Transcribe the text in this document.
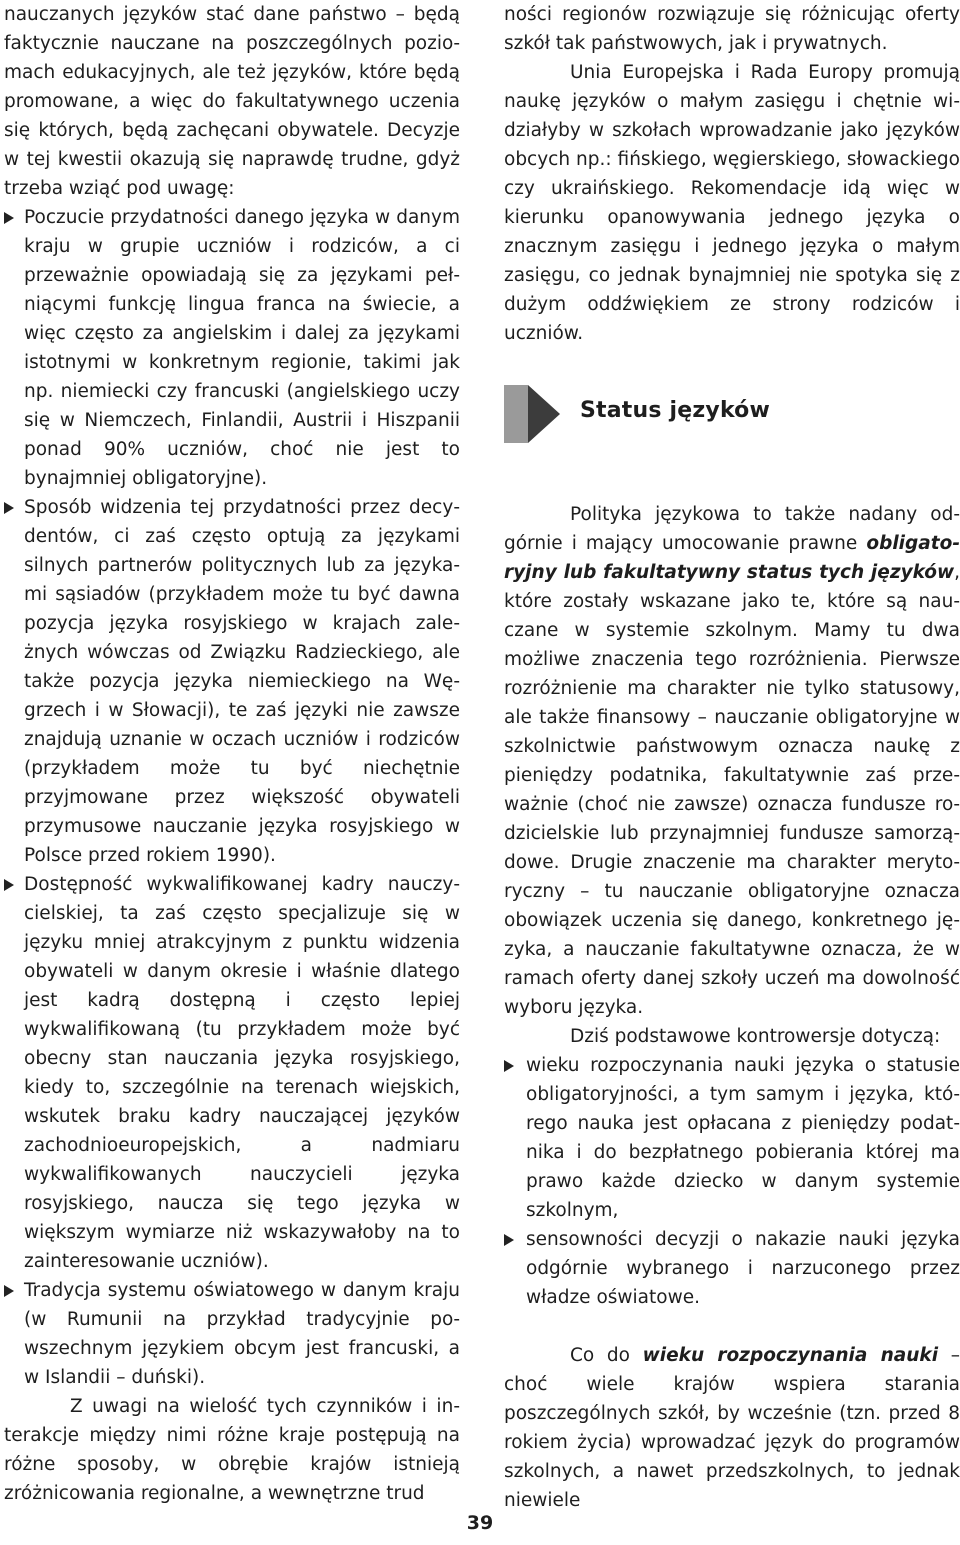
nauczanych języków stać dane państwo – będą faktycznie nauczane na poszczególnych poziomach edukacyjnych, ale też języków, które będą promowane, a więc do fakultatywnego uczenia się których, będą zachęcani obywatele. Decyzje w tej kwestii okazują się naprawdę trudne, gdyż trzeba wziąć pod uwagę:

Poczucie przydatności danego języka w danym kraju w grupie uczniów i rodziców, a ci przeważnie opowiadają się za językami pełniącymi funkcję lingua franca na świecie, a więc często za angielskim i dalej za językami istotnymi w konkretnym regionie, takimi jak np. niemiecki czy francuski (angielskiego uczy się w Niemczech, Finlandii, Austrii i Hiszpanii ponad 90% uczniów, choć nie jest to bynajmniej obligatoryjne).
Sposób widzenia tej przydatności przez decydentów, ci zaś często optują za językami silnych partnerów politycznych lub za językami sąsiadów (przykładem może tu być dawna pozycja języka rosyjskiego w krajach zależnych wówczas od Związku Radzieckiego, ale także pozycja języka niemieckiego na Węgrzech i w Słowacji), te zaś języki nie zawsze znajdują uznanie w oczach uczniów i rodziców (przykładem może tu być niechętnie przyjmowane przez większość obywateli przymusowe nauczanie języka rosyjskiego w Polsce przed rokiem 1990).
Dostępność wykwalifikowanej kadry nauczycielskiej, ta zaś często specjalizuje się w języku mniej atrakcyjnym z punktu widzenia obywateli w danym okresie i właśnie dlatego jest kadrą dostępną i często lepiej wykwalifikowaną (tu przykładem może być obecny stan nauczania języka rosyjskiego, kiedy to, szczególnie na terenach wiejskich, wskutek braku kadry nauczającej języków zachodnioeuropejskich, a nadmiaru wykwalifikowanych nauczycieli języka rosyjskiego, naucza się tego języka w większym wymiarze niż wskazywałoby na to zainteresowanie uczniów).
Tradycja systemu oświatowego w danym kraju (w Rumunii na przykład tradycyjnie powszechnym językiem obcym jest francuski, a w Islandii – duński).

Z uwagi na wielość tych czynników i interakcje między nimi różne kraje postępują na różne sposoby, w obrębie krajów istnieją zróżnicowania regionalne, a wewnętrzne trud

ności regionów rozwiązuje się różnicując oferty szkół tak państwowych, jak i prywatnych.

Unia Europejska i Rada Europy promują naukę języków o małym zasięgu i chętnie widziałyby w szkołach wprowadzanie jako języków obcych np.: fińskiego, węgierskiego, słowackiego czy ukraińskiego. Rekomendacje idą więc w kierunku opanowywania jednego języka o znacznym zasięgu i jednego języka o małym zasięgu, co jednak bynajmniej nie spotyka się z dużym oddźwiękiem ze strony rodziców i uczniów.

Status języków

Polityka językowa to także nadany odgórnie i mający umocowanie prawne obligatoryjny lub fakultatywny status tych języków, które zostały wskazane jako te, które są nauczane w systemie szkolnym. Mamy tu dwa możliwe znaczenia tego rozróżnienia. Pierwsze rozróżnienie ma charakter nie tylko statusowy, ale także finansowy – nauczanie obligatoryjne w szkolnictwie państwowym oznacza naukę z pieniędzy podatnika, fakultatywnie zaś przeważnie (choć nie zawsze) oznacza fundusze rodzicielskie lub przynajmniej fundusze samorządowe. Drugie znaczenie ma charakter merytoryczny – tu nauczanie obligatoryjne oznacza obowiązek uczenia się danego, konkretnego języka, a nauczanie fakultatywne oznacza, że w ramach oferty danej szkoły uczeń ma dowolność wyboru języka.

Dziś podstawowe kontrowersje dotyczą:

wieku rozpoczynania nauki języka o statusie obligatoryjności, a tym samym i języka, którego nauka jest opłacana z pieniędzy podatnika i do bezpłatnego pobierania której ma prawo każde dziecko w danym systemie szkolnym,
sensowności decyzji o nakazie nauki języka odgórnie wybranego i narzuconego przez władze oświatowe.

Co do wieku rozpoczynania nauki – choć wiele krajów wspiera starania poszczególnych szkół, by wcześnie (tzn. przed 8 rokiem życia) wprowadzać język do programów szkolnych, a nawet przedszkolnych, to jednak niewiele

39
